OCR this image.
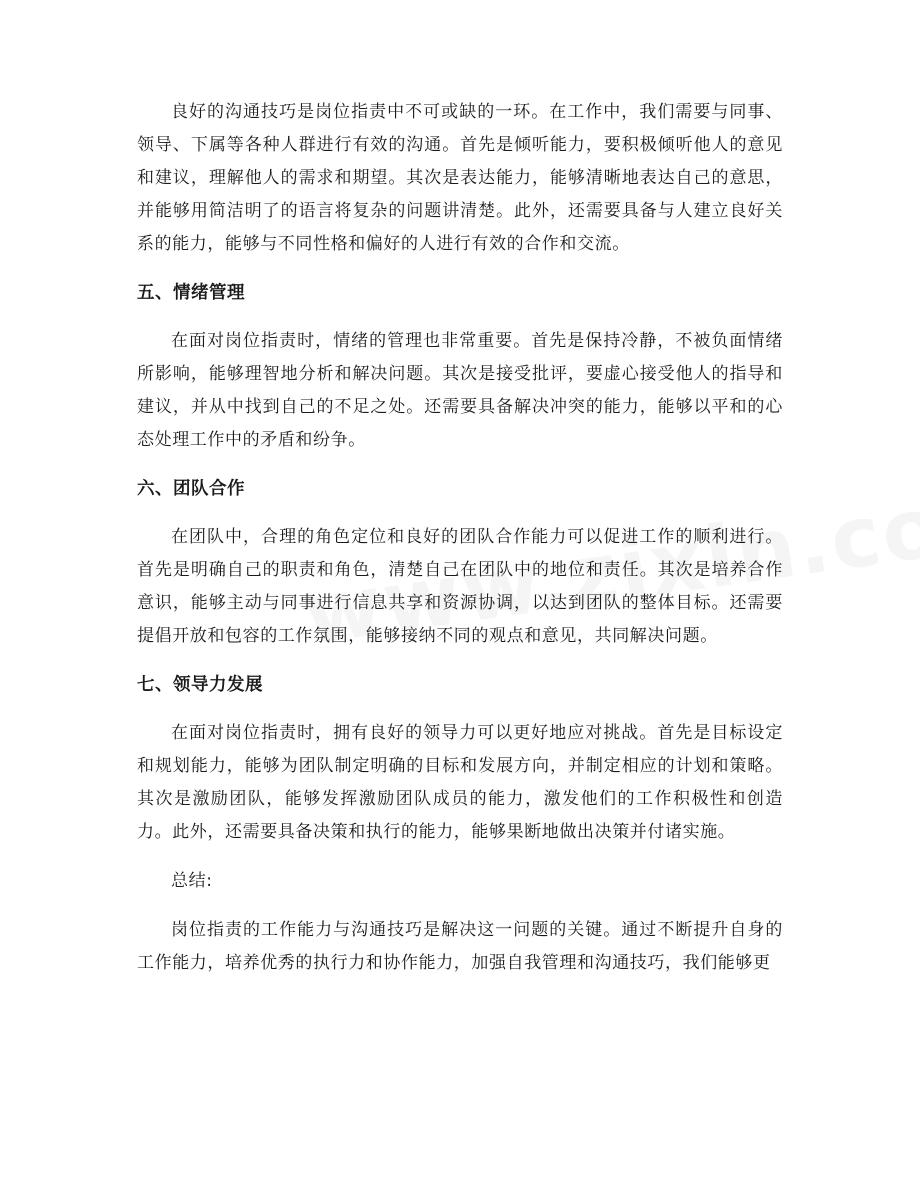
良好的沟通技巧是岗位指责中不可或缺的一环。在工作中，我们需要与同事、领导、下属等各种人群进行有效的沟通。首先是倾听能力，要积极倾听他人的意见和建议，理解他人的需求和期望。其次是表达能力，能够清晰地表达自己的意思，并能够用简洁明了的语言将复杂的问题讲清楚。此外，还需要具备与人建立良好关系的能力，能够与不同性格和偏好的人进行有效的合作和交流。

五、情绪管理

在面对岗位指责时，情绪的管理也非常重要。首先是保持冷静，不被负面情绪所影响，能够理智地分析和解决问题。其次是接受批评，要虚心接受他人的指导和建议，并从中找到自己的不足之处。还需要具备解决冲突的能力，能够以平和的心态处理工作中的矛盾和纷争。

六、团队合作

在团队中，合理的角色定位和良好的团队合作能力可以促进工作的顺利进行。首先是明确自己的职责和角色，清楚自己在团队中的地位和责任。其次是培养合作意识，能够主动与同事进行信息共享和资源协调，以达到团队的整体目标。还需要提倡开放和包容的工作氛围，能够接纳不同的观点和意见，共同解决问题。

七、领导力发展

在面对岗位指责时，拥有良好的领导力可以更好地应对挑战。首先是目标设定和规划能力，能够为团队制定明确的目标和发展方向，并制定相应的计划和策略。其次是激励团队，能够发挥激励团队成员的能力，激发他们的工作积极性和创造力。此外，还需要具备决策和执行的能力，能够果断地做出决策并付诸实施。

总结:

岗位指责的工作能力与沟通技巧是解决这一问题的关键。通过不断提升自身的工作能力，培养优秀的执行力和协作能力，加强自我管理和沟通技巧，我们能够更
